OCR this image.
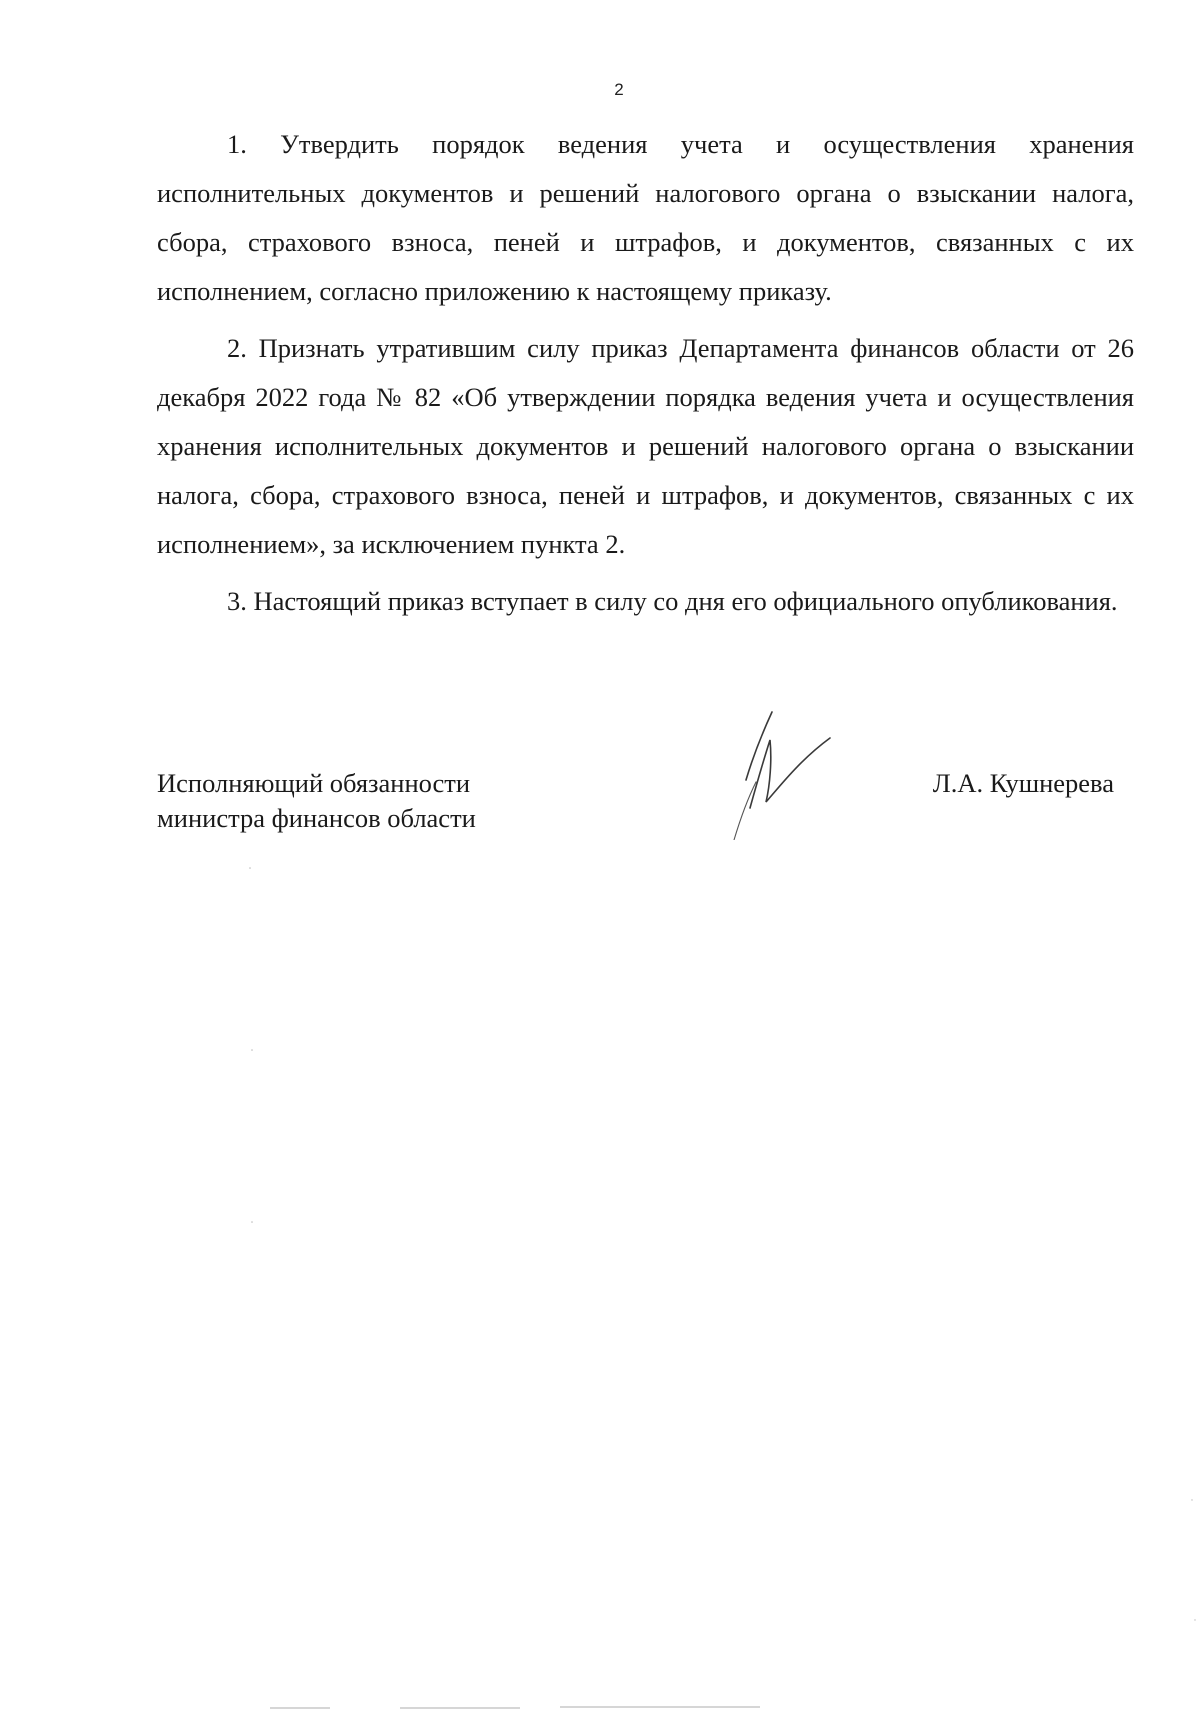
2

1. Утвердить порядок ведения учета и осуществления хранения исполнительных документов и решений налогового органа о взыскании налога, сбора, страхового взноса, пеней и штрафов, и документов, связанных с их исполнением, согласно приложению к настоящему приказу.

2. Признать утратившим силу приказ Департамента финансов области от 26 декабря 2022 года № 82 «Об утверждении порядка ведения учета и осуществления хранения исполнительных документов и решений налогового органа о взыскании налога, сбора, страхового взноса, пеней и штрафов, и документов, связанных с их исполнением», за исключением пункта 2.

3. Настоящий приказ вступает в силу со дня его официального опубликования.

Исполняющий обязанности
министра финансов области
Л.А. Кушнерева
